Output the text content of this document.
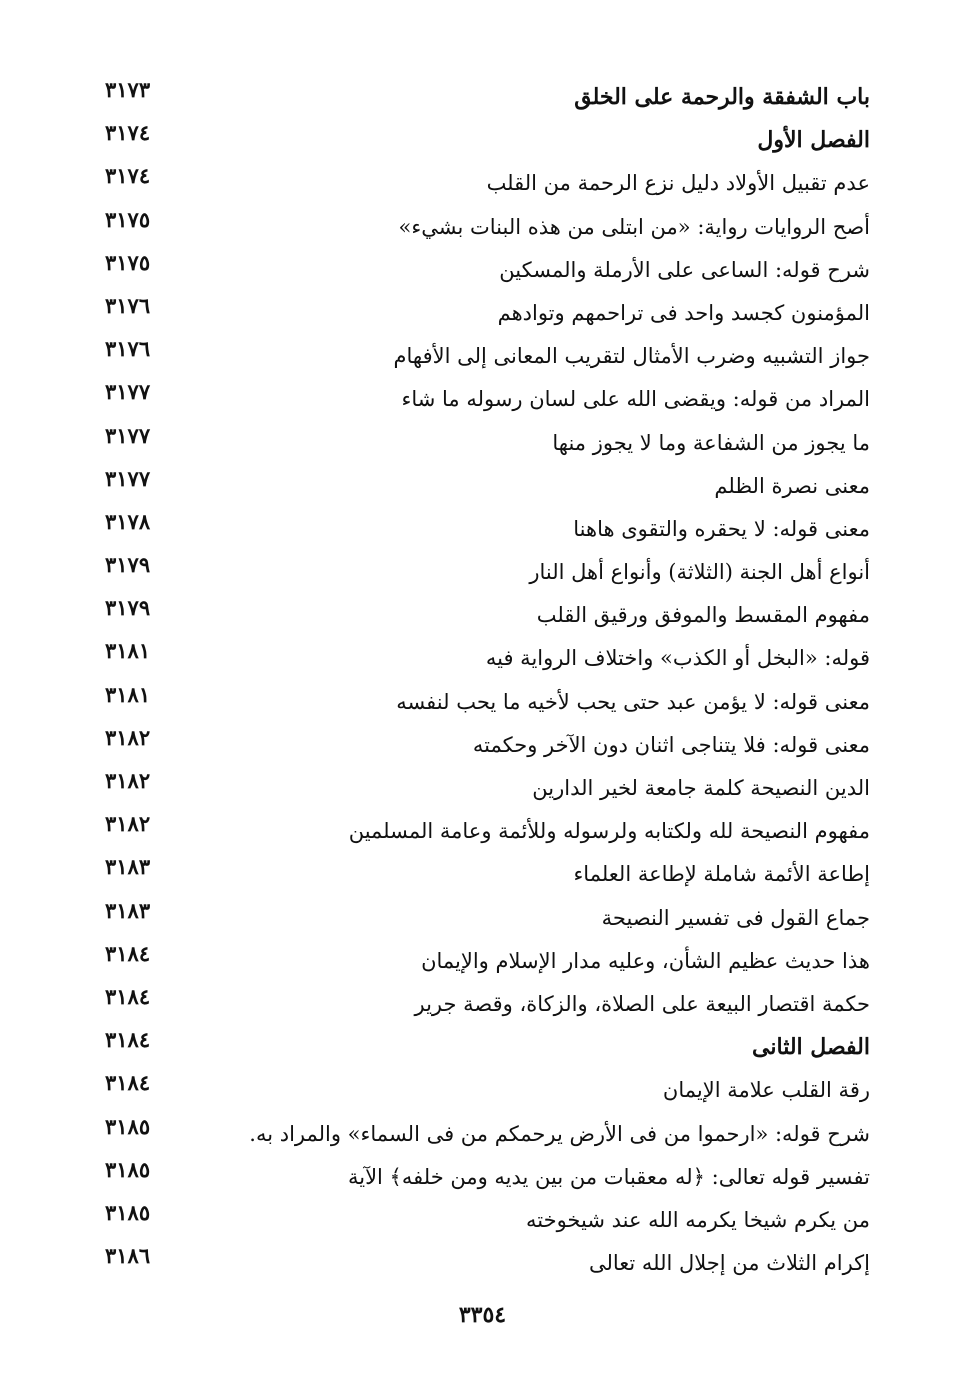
باب الشفقة والرحمة على الخلق
٣١٧٣
الفصل الأول
٣١٧٤
عدم تقبيل الأولاد دليل نزع الرحمة من القلب
٣١٧٤
أصح الروايات رواية: «من ابتلى من هذه البنات بشيء»
٣١٧٥
شرح قوله: الساعى على الأرملة والمسكين
٣١٧٥
المؤمنون كجسد واحد فى تراحمهم وتوادهم
٣١٧٦
جواز التشبيه وضرب الأمثال لتقريب المعانى إلى الأفهام
٣١٧٦
المراد من قوله: ويقضى الله على لسان رسوله ما شاء
٣١٧٧
ما يجوز من الشفاعة وما لا يجوز منها
٣١٧٧
معنى نصرة الظلم
٣١٧٧
معنى قوله: لا يحقره والتقوى هاهنا
٣١٧٨
أنواع أهل الجنة (الثلاثة) وأنواع أهل النار
٣١٧٩
مفهوم المقسط والموفق ورقيق القلب
٣١٧٩
قوله: «البخل أو الكذب» واختلاف الرواية فيه
٣١٨١
معنى قوله: لا يؤمن عبد حتى يحب لأخيه ما يحب لنفسه
٣١٨١
معنى قوله: فلا يتناجى اثنان دون الآخر وحكمته
٣١٨٢
الدين النصيحة كلمة جامعة لخير الدارين
٣١٨٢
مفهوم النصيحة لله ولكتابه ولرسوله وللأئمة وعامة المسلمين
٣١٨٢
إطاعة الأئمة شاملة لإطاعة العلماء
٣١٨٣
جماع القول فى تفسير النصيحة
٣١٨٣
هذا حديث عظيم الشأن، وعليه مدار الإسلام والإيمان
٣١٨٤
حكمة اقتصار البيعة على الصلاة، والزكاة، وقصة جرير
٣١٨٤
الفصل الثانى
٣١٨٤
رقة القلب علامة الإيمان
٣١٨٤
شرح قوله: «ارحموا من فى الأرض يرحمكم من فى السماء» والمراد به.
٣١٨٥
تفسير قوله تعالى: ﴿له معقبات من بين يديه ومن خلفه﴾ الآية
٣١٨٥
من يكرم شيخا يكرمه الله عند شيخوخته
٣١٨٥
إكرام الثلاث من إجلال الله تعالى
٣١٨٦
٣٣٥٤
